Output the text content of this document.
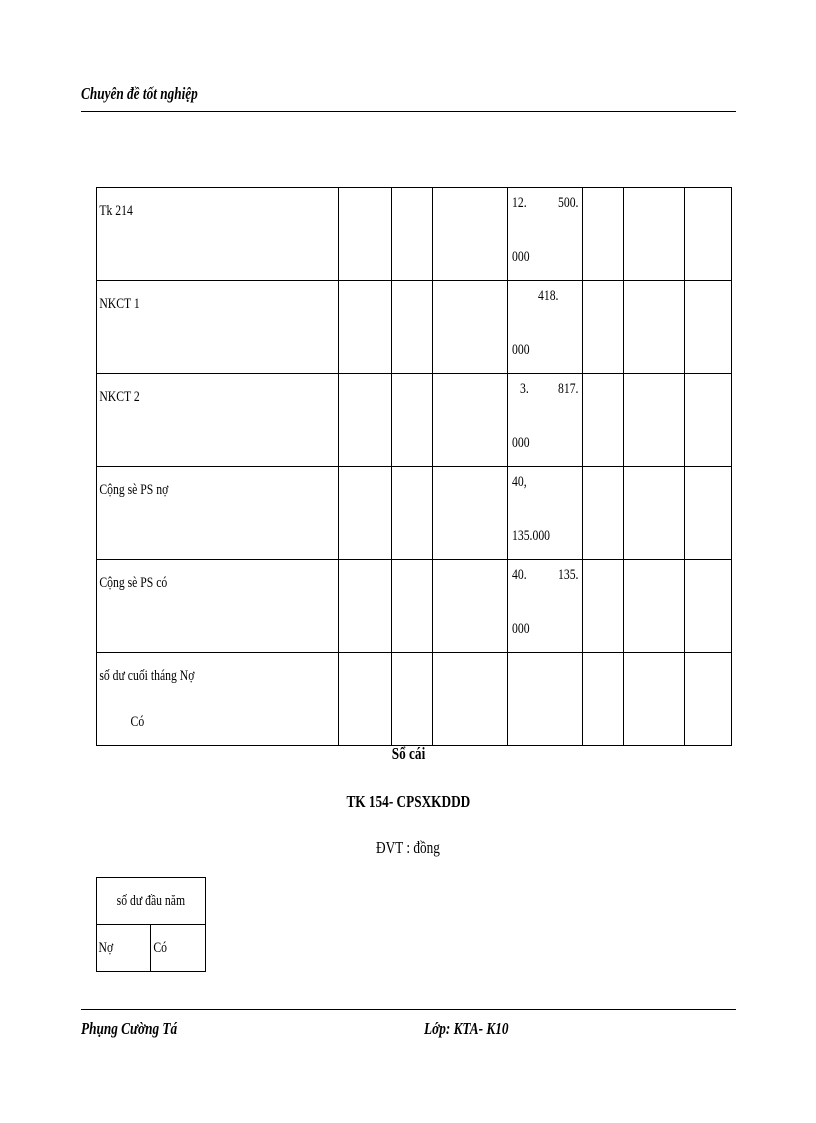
Chuyên đề tốt nghiệp
Tk 214				12. 500.
000			

NKCT 1				418.
000			

NKCT 2				3. 817.
000			

Cộng sè PS nợ				40,
135.000			

Cộng sè PS có				40. 135.
000			

số dư cuối tháng Nợ
Có							

Sổ cái
TK 154- CPSXKDDD
ĐVT : đồng
số dư đầu năm
Nợ	Có
Phụng Cường Tá	Lớp: KTA- K10
